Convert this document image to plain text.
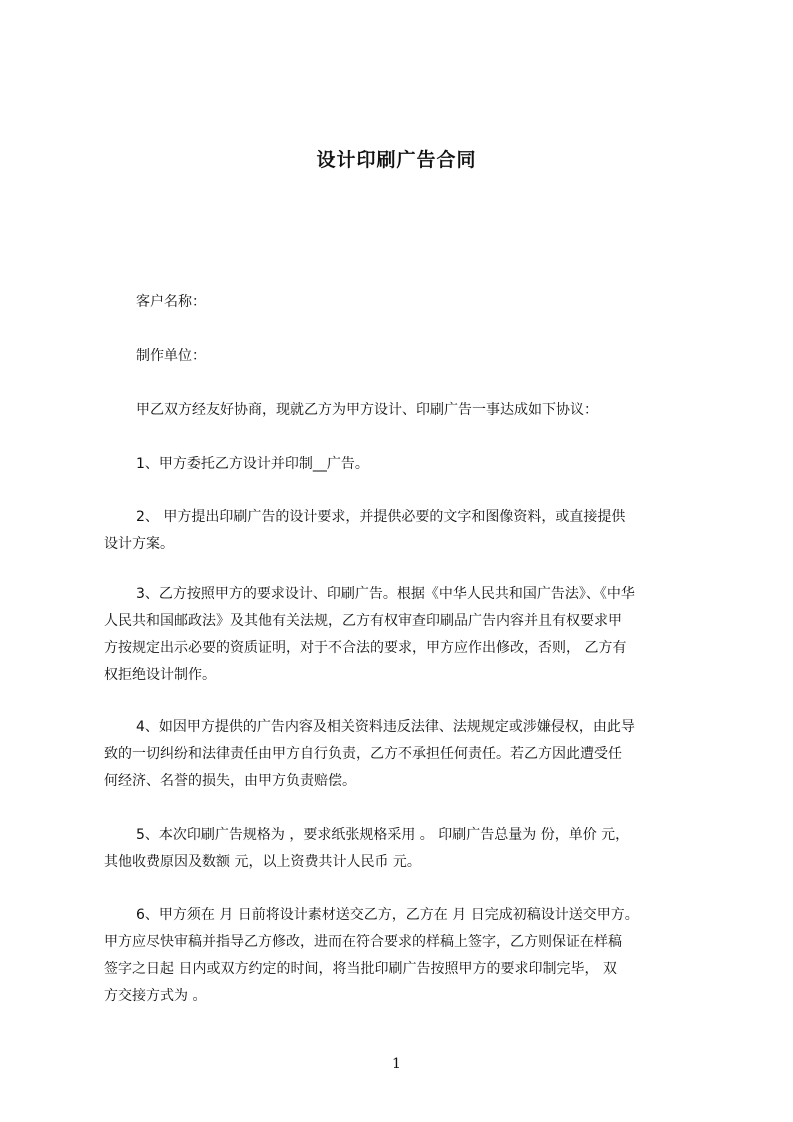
设计印刷广告合同
客户名称：
制作单位：
甲乙双方经友好协商，现就乙方为甲方设计、印刷广告一事达成如下协议：
1、甲方委托乙方设计并印制__广告。
2、 甲方提出印刷广告的设计要求，并提供必要的文字和图像资料，或直接提供
设计方案。
3、乙方按照甲方的要求设计、印刷广告。根据《中华人民共和国广告法》、《中华
人民共和国邮政法》及其他有关法规，乙方有权审查印刷品广告内容并且有权要求甲
方按规定出示必要的资质证明，对于不合法的要求，甲方应作出修改，否则， 乙方有
权拒绝设计制作。
4、如因甲方提供的广告内容及相关资料违反法律、法规规定或涉嫌侵权，由此导
致的一切纠纷和法律责任由甲方自行负责，乙方不承担任何责任。若乙方因此遭受任
何经济、名誉的损失，由甲方负责赔偿。
5、本次印刷广告规格为 ，要求纸张规格采用 。 印刷广告总量为 份，单价 元，
其他收费原因及数额 元，以上资费共计人民币 元。
6、甲方须在 月 日前将设计素材送交乙方，乙方在 月 日完成初稿设计送交甲方。
甲方应尽快审稿并指导乙方修改，进而在符合要求的样稿上签字，乙方则保证在样稿
签字之日起 日内或双方约定的时间，将当批印刷广告按照甲方的要求印制完毕， 双
方交接方式为 。
1
